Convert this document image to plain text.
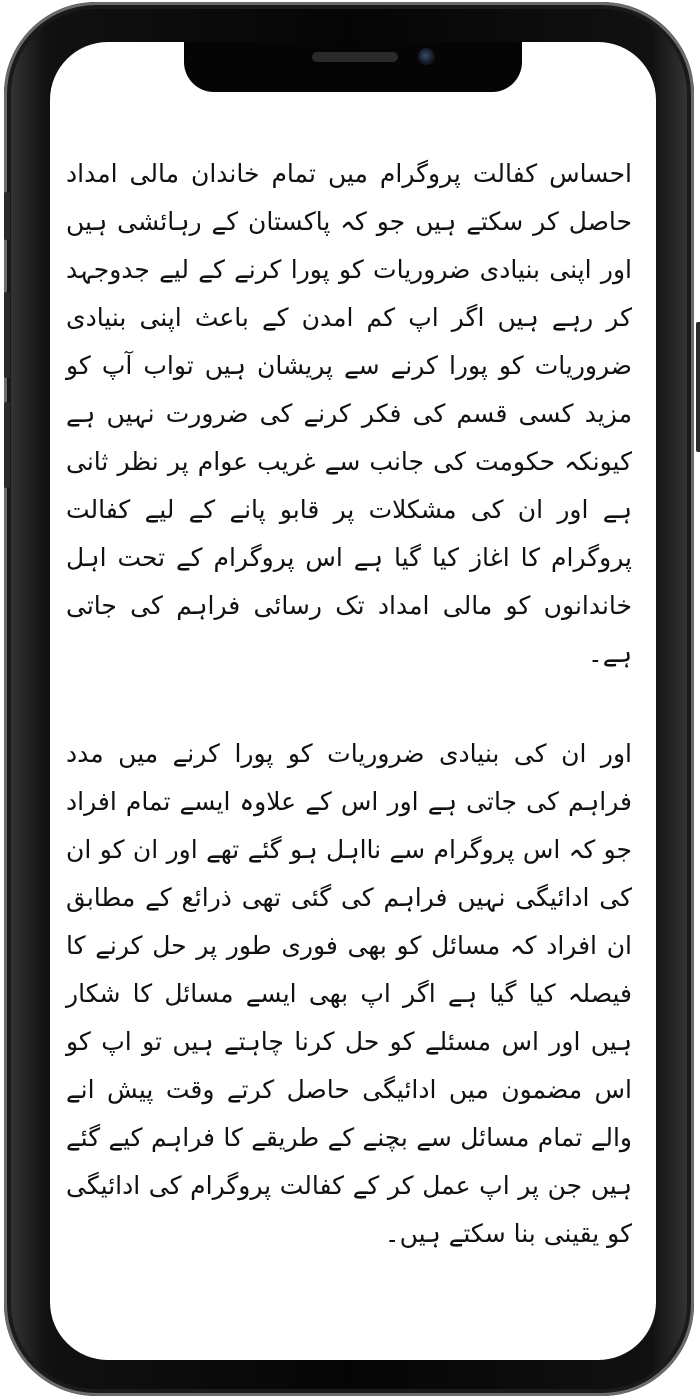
احساس کفالت پروگرام میں تمام خاندان مالی امداد حاصل کر سکتے ہیں جو کہ پاکستان کے رہائشی ہیں اور اپنی بنیادی ضروریات کو پورا کرنے کے لیے جدوجہد کر رہے ہیں اگر اپ کم امدن کے باعث اپنی بنیادی ضروریات کو پورا کرنے سے پریشان ہیں تواب آپ کو مزید کسی قسم کی فکر کرنے کی ضرورت نہیں ہے کیونکہ حکومت کی جانب سے غریب عوام پر نظر ثانی ہے اور ان کی مشکلات پر قابو پانے کے لیے کفالت پروگرام کا اغاز کیا گیا ہے اس پروگرام کے تحت اہل خاندانوں کو مالی امداد تک رسائی فراہم کی جاتی ہے۔

اور ان کی بنیادی ضروریات کو پورا کرنے میں مدد فراہم کی جاتی ہے اور اس کے علاوہ ایسے تمام افراد جو کہ اس پروگرام سے نااہل ہو گئے تھے اور ان کو ان کی ادائیگی نہیں فراہم کی گئی تھی ذرائع کے مطابق ان افراد کہ مسائل کو بھی فوری طور پر حل کرنے کا فیصلہ کیا گیا ہے اگر اپ بھی ایسے مسائل کا شکار ہیں اور اس مسئلے کو حل کرنا چاہتے ہیں تو اپ کو اس مضمون میں ادائیگی حاصل کرتے وقت پیش انے والے تمام مسائل سے بچنے کے طریقے کا فراہم کیے گئے ہیں جن پر اپ عمل کر کے کفالت پروگرام کی ادائیگی کو یقینی بنا سکتے ہیں۔
